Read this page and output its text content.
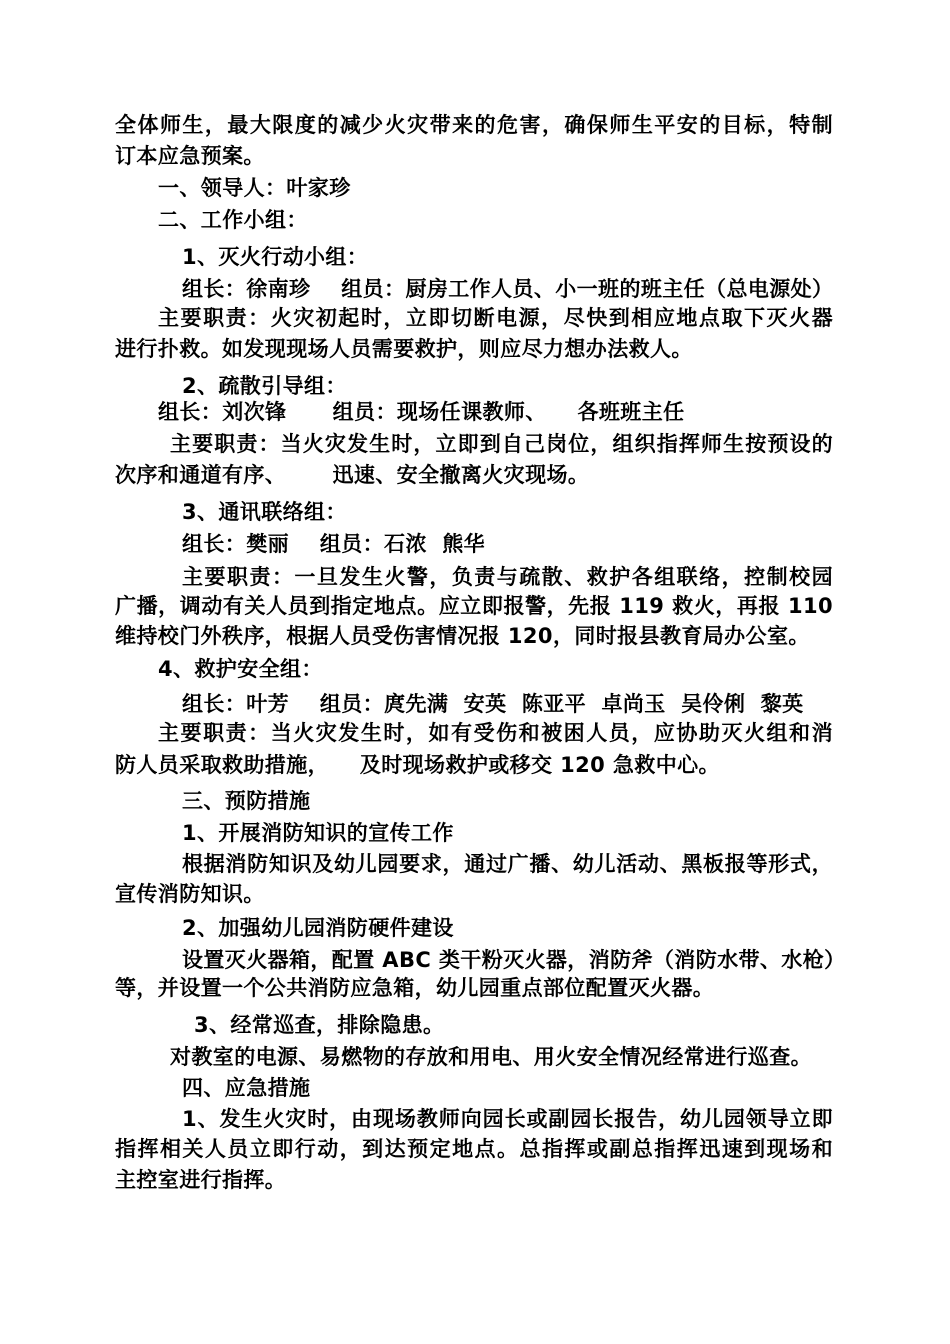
全体师生，最大限度的减少火灾带来的危害，确保师生平安的目标，特制
订本应急预案。
一、领导人：叶家珍
二、工作小组：
1、灭火行动小组：
组长：徐南珍    组员：厨房工作人员、小一班的班主任（总电源处）
主要职责：火灾初起时，立即切断电源，尽快到相应地点取下灭火器
进行扑救。如发现现场人员需要救护，则应尽力想办法救人。
2、疏散引导组：
组长：刘次锋      组员：现场任课教师、    各班班主任
主要职责：当火灾发生时，立即到自己岗位，组织指挥师生按预设的
次序和通道有序、      迅速、安全撤离火灾现场。
3、通讯联络组：
组长：樊丽    组员：石浓  熊华
主要职责：一旦发生火警，负责与疏散、救护各组联络，控制校园
广播，调动有关人员到指定地点。应立即报警，先报 119 救火，再报 110
维持校门外秩序，根据人员受伤害情况报 120，同时报县教育局办公室。
4、救护安全组：
组长：叶芳    组员：庹先满  安英  陈亚平  卓尚玉  吴伶俐  黎英
主要职责：当火灾发生时，如有受伤和被困人员，应协助灭火组和消
防人员采取救助措施，    及时现场救护或移交 120 急救中心。
三、预防措施
1、开展消防知识的宣传工作
根据消防知识及幼儿园要求，通过广播、幼儿活动、黑板报等形式，
宣传消防知识。
2、加强幼儿园消防硬件建设
设置灭火器箱，配置 ABC 类干粉灭火器，消防斧（消防水带、水枪）
等，并设置一个公共消防应急箱，幼儿园重点部位配置灭火器。
3、经常巡查，排除隐患。
对教室的电源、易燃物的存放和用电、用火安全情况经常进行巡查。
四、应急措施
1、发生火灾时，由现场教师向园长或副园长报告，幼儿园领导立即
指挥相关人员立即行动，到达预定地点。总指挥或副总指挥迅速到现场和
主控室进行指挥。
